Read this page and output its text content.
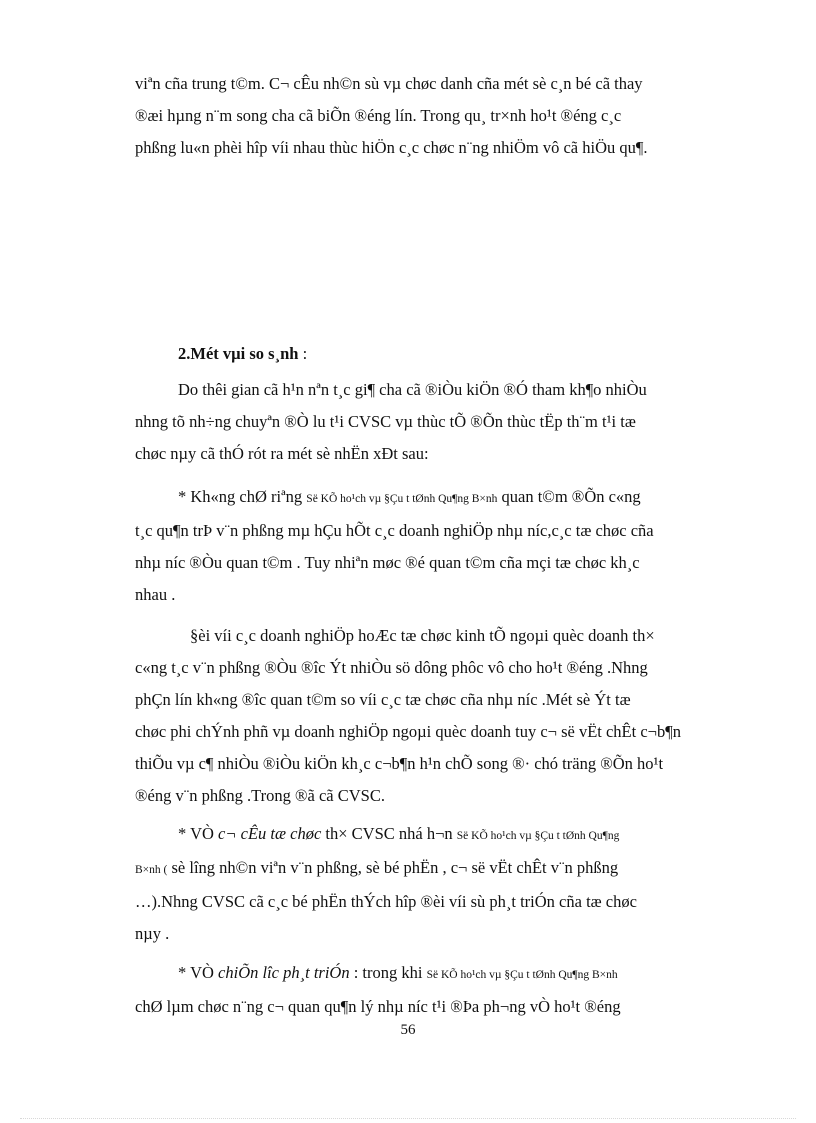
viªn cña trung t©m. C¬ cÊu nh©n sù vµ chøc danh cña mét sè c¸n bé cã thay
®æi hµng n¨m song cha cã biÕn ®éng lín. Trong qu¸ tr×nh ho¹t ®éng c¸c
phßng lu«n phèi hîp víi nhau thùc hiÖn c¸c chøc n¨ng nhiÖm vô cã hiÖu qu¶.
2.Mét vµi so s¸nh :
Do thêi gian cã h¹n nªn t¸c gi¶ cha cã ®iÒu kiÖn ®Ó tham kh¶o nhiÒu
nhng tõ nh÷ng chuyªn ®Ò lu t¹i CVSC vµ thùc tÕ ®Õn thùc tËp th¨m t¹i tæ
chøc nµy cã thÓ rót ra mét sè nhËn xÐt sau:
* Kh«ng chØ riªng Së KÕ ho¹ch vµ §Çu t tØnh Qu¶ng B×nh quan t©m ®Õn c«ng
t¸c qu¶n trÞ v¨n phßng mµ hÇu hÕt c¸c doanh nghiÖp nhµ níc,c¸c tæ chøc cña
nhµ níc ®Òu quan t©m . Tuy nhiªn møc ®é quan t©m cña mçi tæ chøc kh¸c
nhau .
§èi víi c¸c doanh nghiÖp hoÆc tæ chøc kinh tÕ ngoµi quèc doanh th×
c«ng t¸c v¨n phßng ®Òu ®îc Ýt nhiÒu sö dông phôc vô cho ho¹t ®éng .Nhng
phÇn lín kh«ng ®îc quan t©m so víi c¸c tæ chøc cña nhµ níc .Mét sè Ýt tæ
chøc phi chÝnh phñ vµ doanh nghiÖp ngoµi quèc doanh tuy c¬ së vËt chÊt c¬b¶n
thiÕu vµ c¶ nhiÒu ®iÒu kiÖn kh¸c c¬b¶n h¹n chÕ song ®· chó träng ®Õn ho¹t
®éng v¨n phßng .Trong ®ã cã CVSC.
* VÒ c¬ cÊu tæ chøc th× CVSC nhá h¬n Së KÕ ho¹ch vµ §Çu t tØnh Qu¶ng
B×nh ( sè lîng nh©n viªn v¨n phßng, sè bé phËn , c¬ së vËt chÊt v¨n phßng
…).Nhng CVSC cã c¸c bé phËn thÝch hîp ®èi víi sù ph¸t triÓn cña tæ chøc
nµy .
* VÒ chiÕn lîc ph¸t triÓn : trong khi Së KÕ ho¹ch vµ §Çu t tØnh Qu¶ng B×nh
chØ lµm chøc n¨ng c¬ quan qu¶n lý nhµ níc t¹i ®Þa ph¬ng vÒ ho¹t ®éng
56
